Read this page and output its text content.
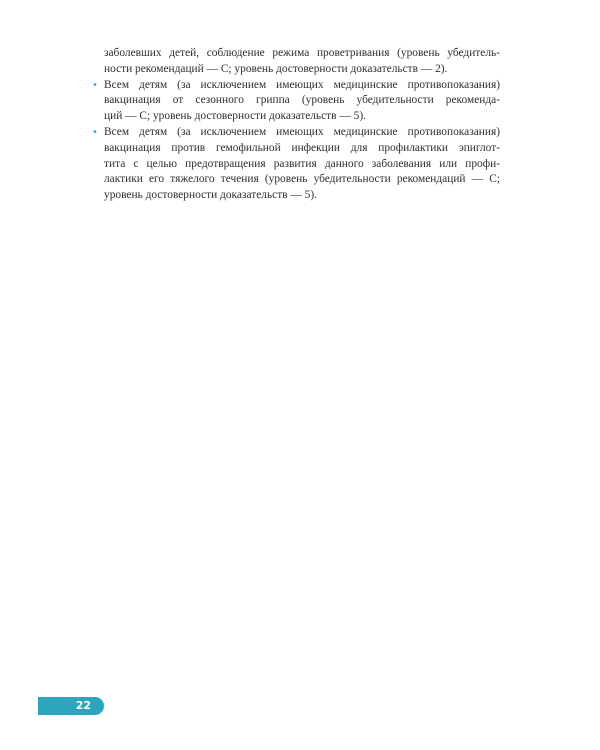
заболевших детей, соблюдение режима проветривания (уровень убедитель-
ности рекомендаций — С; уровень достоверности доказательств — 2).
• Всем детям (за исключением имеющих медицинские противопоказания)
вакцинация от сезонного гриппа (уровень убедительности рекоменда-
ций — С; уровень достоверности доказательств — 5).
• Всем детям (за исключением имеющих медицинские противопоказания)
вакцинация против гемофильной инфекции для профилактики эпиглот-
тита с целью предотвращения развития данного заболевания или профи-
лактики его тяжелого течения (уровень убедительности рекомендаций — С;
уровень достоверности доказательств — 5).
22
